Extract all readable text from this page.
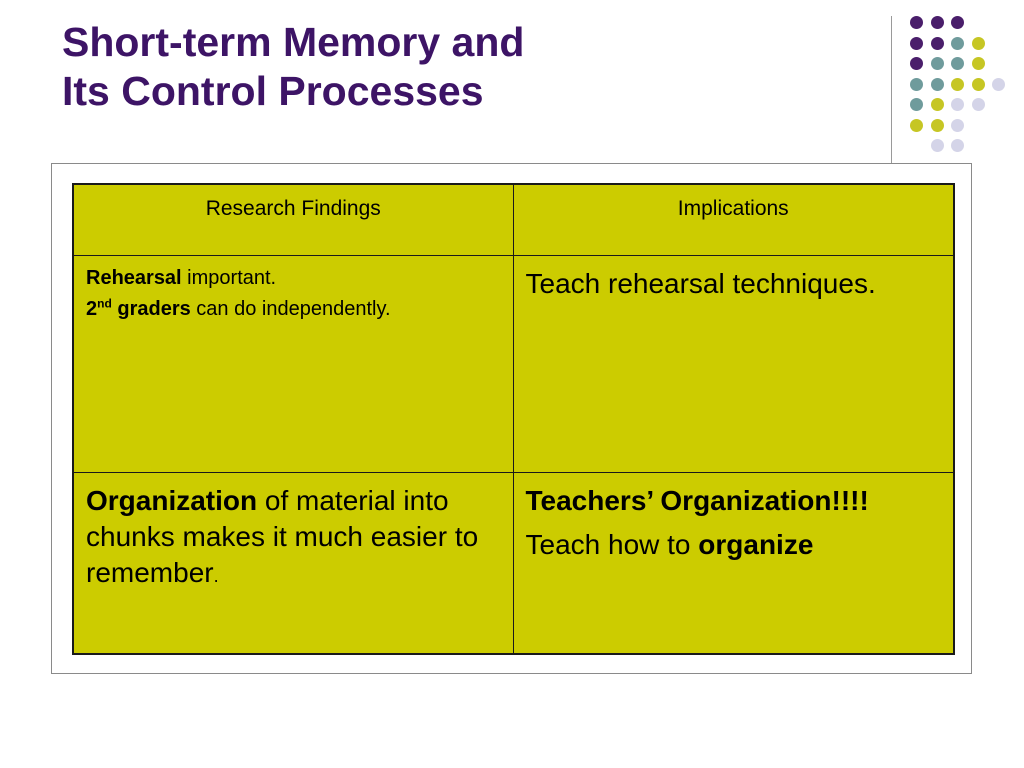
Short-term Memory and
Its Control Processes
Research Findings	Implications

Rehearsal important.

2nd graders can do independently.	Teach rehearsal techniques.

Organization of material into chunks makes it much easier to remember.	Teachers’ Organization!!!!

Teach how to organize
